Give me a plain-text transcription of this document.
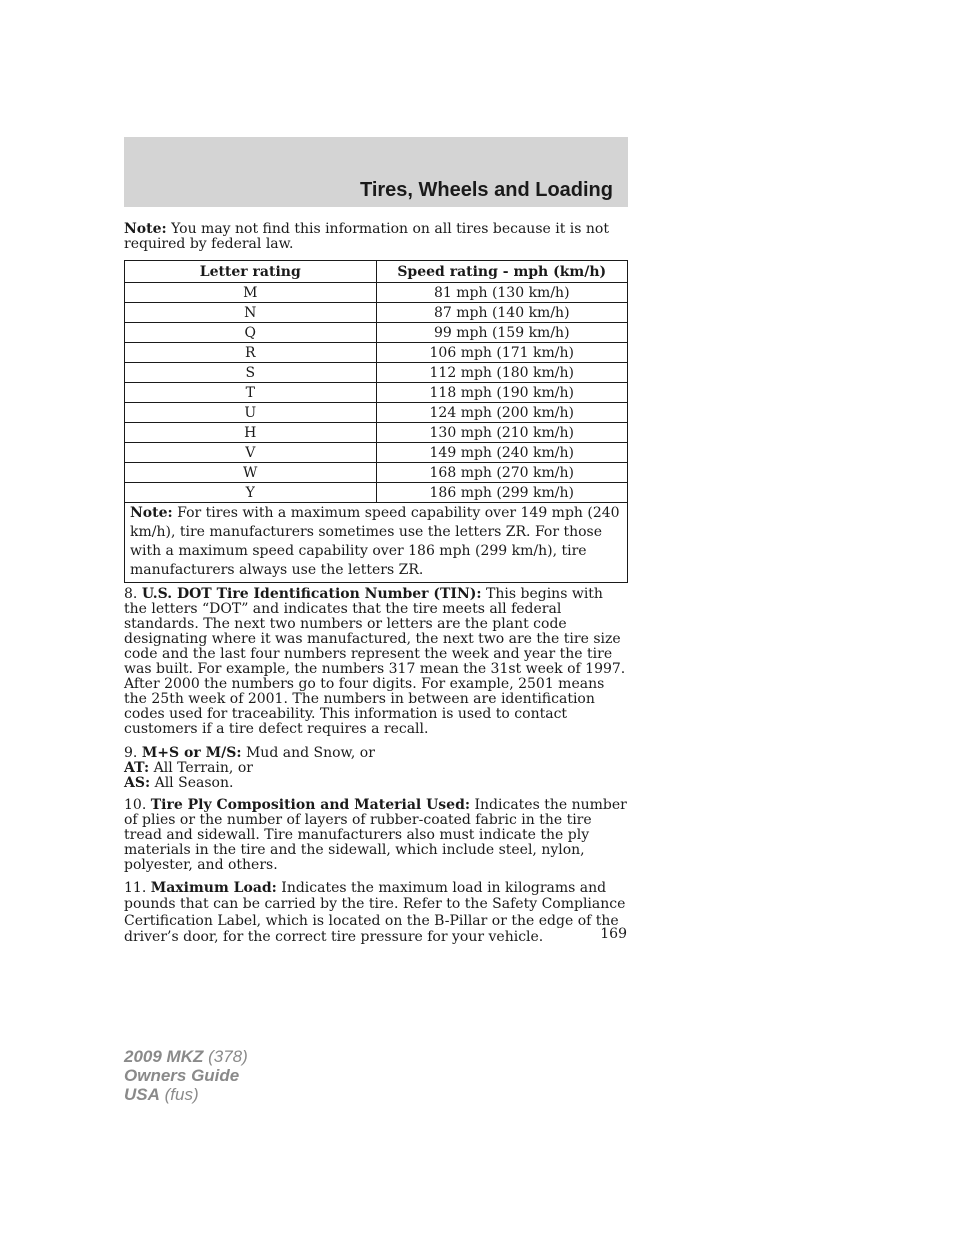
Tires, Wheels and Loading

Note: You may not find this information on all tires because it is not required by federal law.

Letter rating	Speed rating - mph (km/h)
M	81 mph (130 km/h)
N	87 mph (140 km/h)
Q	99 mph (159 km/h)
R	106 mph (171 km/h)
S	112 mph (180 km/h)
T	118 mph (190 km/h)
U	124 mph (200 km/h)
H	130 mph (210 km/h)
V	149 mph (240 km/h)
W	168 mph (270 km/h)
Y	186 mph (299 km/h)
Note: For tires with a maximum speed capability over 149 mph (240 km/h), tire manufacturers sometimes use the letters ZR. For those with a maximum speed capability over 186 mph (299 km/h), tire manufacturers always use the letters ZR.	

8. U.S. DOT Tire Identification Number (TIN): This begins with the letters “DOT” and indicates that the tire meets all federal standards. The next two numbers or letters are the plant code designating where it was manufactured, the next two are the tire size code and the last four numbers represent the week and year the tire was built. For example, the numbers 317 mean the 31st week of 1997. After 2000 the numbers go to four digits. For example, 2501 means the 25th week of 2001. The numbers in between are identification codes used for traceability. This information is used to contact customers if a tire defect requires a recall.

9. M+S or M/S: Mud and Snow, or
AT: All Terrain, or
AS: All Season.

10. Tire Ply Composition and Material Used: Indicates the number of plies or the number of layers of rubber-coated fabric in the tire tread and sidewall. Tire manufacturers also must indicate the ply materials in the tire and the sidewall, which include steel, nylon, polyester, and others.

11. Maximum Load: Indicates the maximum load in kilograms and pounds that can be carried by the tire. Refer to the Safety Compliance Certification Label, which is located on the B-Pillar or the edge of the driver’s door, for the correct tire pressure for your vehicle.	169
2009 MKZ (378)
Owners Guide
USA (fus)
